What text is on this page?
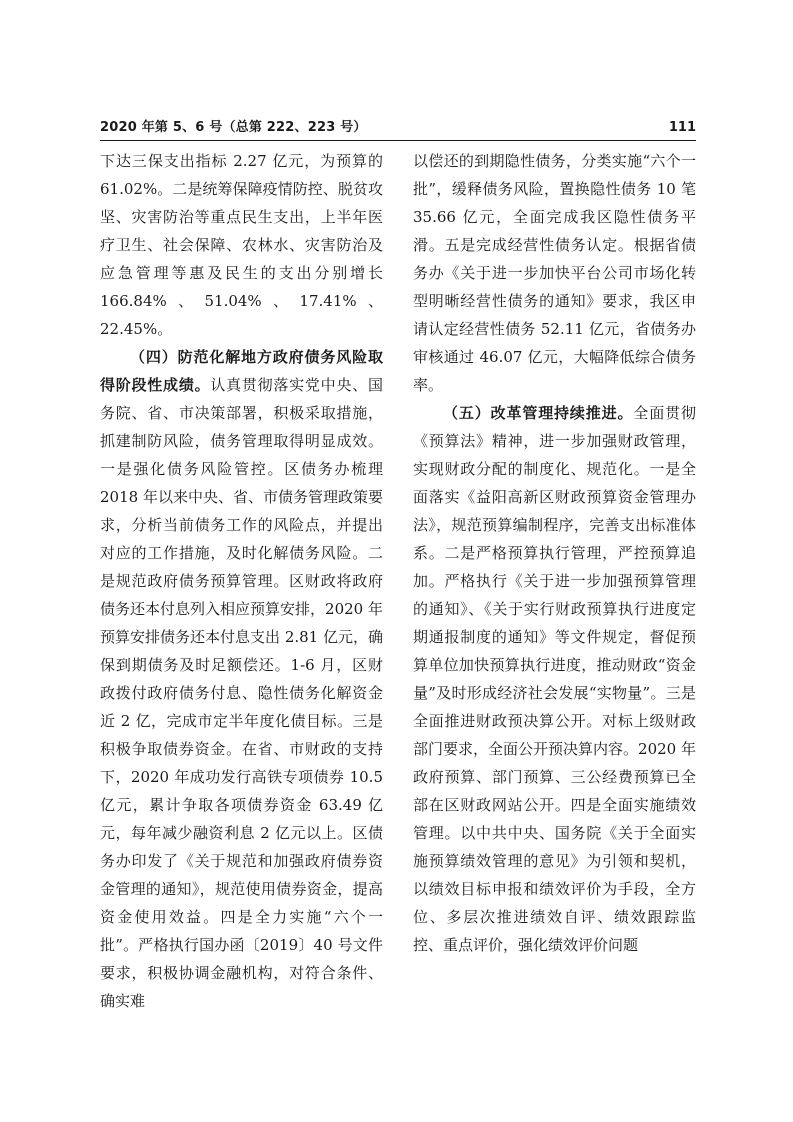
2020 年第 5、6 号（总第 222、223 号）	111

下达三保支出指标 2.27 亿元，为预算的 61.02%。二是统筹保障疫情防控、脱贫攻坚、灾害防治等重点民生支出，上半年医疗卫生、社会保障、农林水、灾害防治及应急管理等惠及民生的支出分别增长 166.84%、51.04%、17.41%、22.45%。

（四）防范化解地方政府债务风险取得阶段性成绩。认真贯彻落实党中央、国务院、省、市决策部署，积极采取措施，抓建制防风险，债务管理取得明显成效。一是强化债务风险管控。区债务办梳理 2018 年以来中央、省、市债务管理政策要求，分析当前债务工作的风险点，并提出对应的工作措施，及时化解债务风险。二是规范政府债务预算管理。区财政将政府债务还本付息列入相应预算安排，2020 年预算安排债务还本付息支出 2.81 亿元，确保到期债务及时足额偿还。1-6 月，区财政拨付政府债务付息、隐性债务化解资金近 2 亿，完成市定半年度化债目标。三是积极争取债券资金。在省、市财政的支持下，2020 年成功发行高铁专项债券 10.5 亿元，累计争取各项债券资金 63.49 亿元，每年减少融资利息 2 亿元以上。区债务办印发了《关于规范和加强政府债券资金管理的通知》，规范使用债券资金，提高资金使用效益。四是全力实施“六个一批”。严格执行国办函〔2019〕40 号文件要求，积极协调金融机构，对符合条件、确实难

以偿还的到期隐性债务，分类实施“六个一批”，缓释债务风险，置换隐性债务 10 笔 35.66 亿元，全面完成我区隐性债务平滑。五是完成经营性债务认定。根据省债务办《关于进一步加快平台公司市场化转型明晰经营性债务的通知》要求，我区申请认定经营性债务 52.11 亿元，省债务办审核通过 46.07 亿元，大幅降低综合债务率。

（五）改革管理持续推进。全面贯彻《预算法》精神，进一步加强财政管理，实现财政分配的制度化、规范化。一是全面落实《益阳高新区财政预算资金管理办法》，规范预算编制程序，完善支出标准体系。二是严格预算执行管理，严控预算追加。严格执行《关于进一步加强预算管理的通知》、《关于实行财政预算执行进度定期通报制度的通知》等文件规定，督促预算单位加快预算执行进度，推动财政“资金量”及时形成经济社会发展“实物量”。三是全面推进财政预决算公开。对标上级财政部门要求，全面公开预决算内容。2020 年政府预算、部门预算、三公经费预算已全部在区财政网站公开。四是全面实施绩效管理。以中共中央、国务院《关于全面实施预算绩效管理的意见》为引领和契机，以绩效目标申报和绩效评价为手段，全方位、多层次推进绩效自评、绩效跟踪监控、重点评价，强化绩效评价问题
